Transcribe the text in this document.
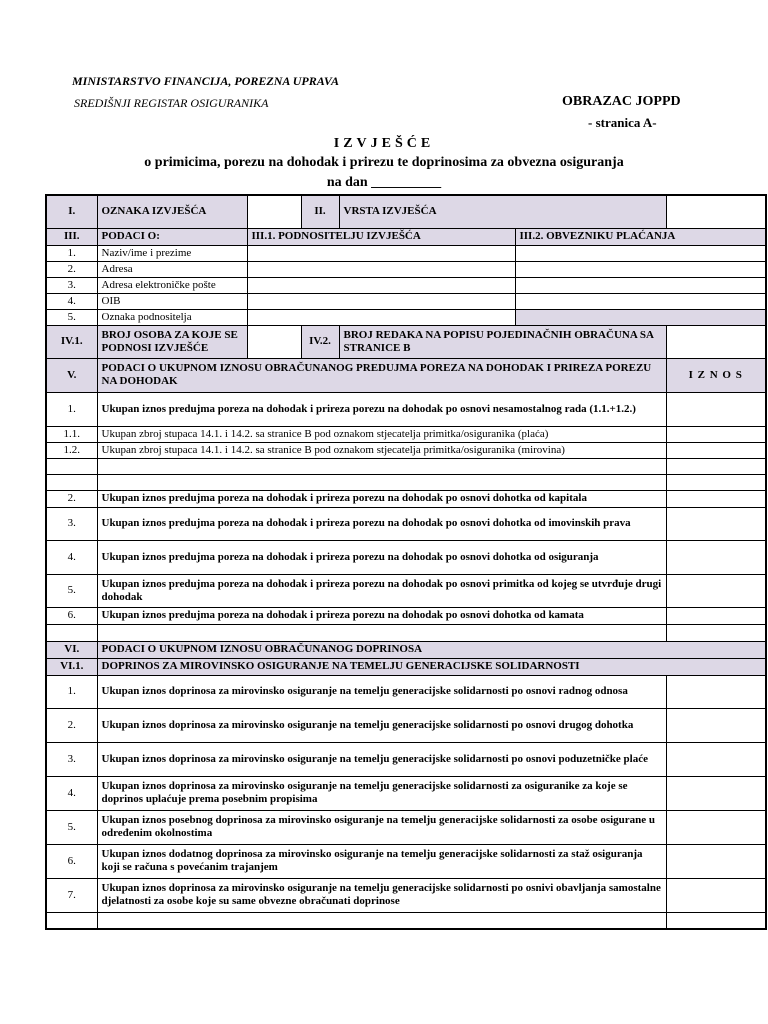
MINISTARSTVO FINANCIJA, POREZNA UPRAVA
SREDIŠNJI REGISTAR OSIGURANIKA	OBRAZAC JOPPD
- stranica A-
IZVJEŠĆE
o primicima, porezu na dohodak i prirezu te doprinosima za obvezna osiguranja
na dan __________
I.	OZNAKA IZVJEŠĆA		II.	VRSTA IZVJEŠĆA		
III.	PODACI O:	III.1. PODNOSITELJU IZVJEŠĆA			III.2. OBVEZNIKU PLAĆANJA	
1.	Naziv/ime i prezime					
2.	Adresa					
3.	Adresa elektroničke pošte					
4.	OIB					
5.	Oznaka podnositelja					
IV.1.	BROJ OSOBA ZA KOJE SE PODNOSI IZVJEŠĆE		IV.2.	BROJ REDAKA NA POPISU POJEDINAČNIH OBRAČUNA SA STRANICE B		
V.	PODACI O UKUPNOM IZNOSU OBRAČUNANOG PREDUJMA POREZA NA DOHODAK I PRIREZA POREZU NA DOHODAK					I Z N O S
1.	Ukupan iznos predujma poreza na dohodak i prireza porezu na dohodak po osnovi nesamostalnog rada (1.1.+1.2.)					
1.1.	Ukupan zbroj stupaca 14.1. i 14.2. sa stranice B pod oznakom stjecatelja primitka/osiguranika (plaća)					
1.2.	Ukupan zbroj stupaca 14.1. i 14.2. sa stranice B pod oznakom stjecatelja primitka/osiguranika (mirovina)					

2.	Ukupan iznos predujma poreza na dohodak i prireza porezu na dohodak po osnovi dohotka od kapitala					
3.	Ukupan iznos predujma poreza na dohodak i prireza porezu na dohodak po osnovi dohotka od imovinskih prava					
4.	Ukupan iznos predujma poreza na dohodak i prireza porezu na dohodak po osnovi dohotka od osiguranja					
5.	Ukupan iznos predujma poreza na dohodak i prireza porezu na dohodak po osnovi primitka od kojeg se utvrđuje drugi dohodak					
6.	Ukupan iznos predujma poreza na dohodak i prireza porezu na dohodak po osnovi dohotka od kamata					

VI.	PODACI O UKUPNOM IZNOSU OBRAČUNANOG DOPRINOSA					
VI.1.	DOPRINOS ZA MIROVINSKO OSIGURANJE NA TEMELJU GENERACIJSKE SOLIDARNOSTI					
1.	Ukupan iznos doprinosa za mirovinsko osiguranje na temelju generacijske solidarnosti po osnovi radnog odnosa					
2.	Ukupan iznos doprinosa za mirovinsko osiguranje na temelju generacijske solidarnosti po osnovi drugog dohotka					
3.	Ukupan iznos doprinosa za mirovinsko osiguranje na temelju generacijske solidarnosti po osnovi poduzetničke plaće					
4.	Ukupan iznos doprinosa za mirovinsko osiguranje na temelju generacijske solidarnosti za osiguranike za koje se doprinos uplaćuje prema posebnim propisima					
5.	Ukupan iznos posebnog doprinosa za mirovinsko osiguranje na temelju generacijske solidarnosti za osobe osigurane u određenim okolnostima					
6.	Ukupan iznos dodatnog doprinosa za mirovinsko osiguranje na temelju generacijske solidarnosti za staž osiguranja koji se računa s povećanim trajanjem					
7.	Ukupan iznos doprinosa za mirovinsko osiguranje na temelju generacijske solidarnosti po osnivi obavljanja samostalne djelatnosti za osobe koje su same obvezne obračunati doprinose					
